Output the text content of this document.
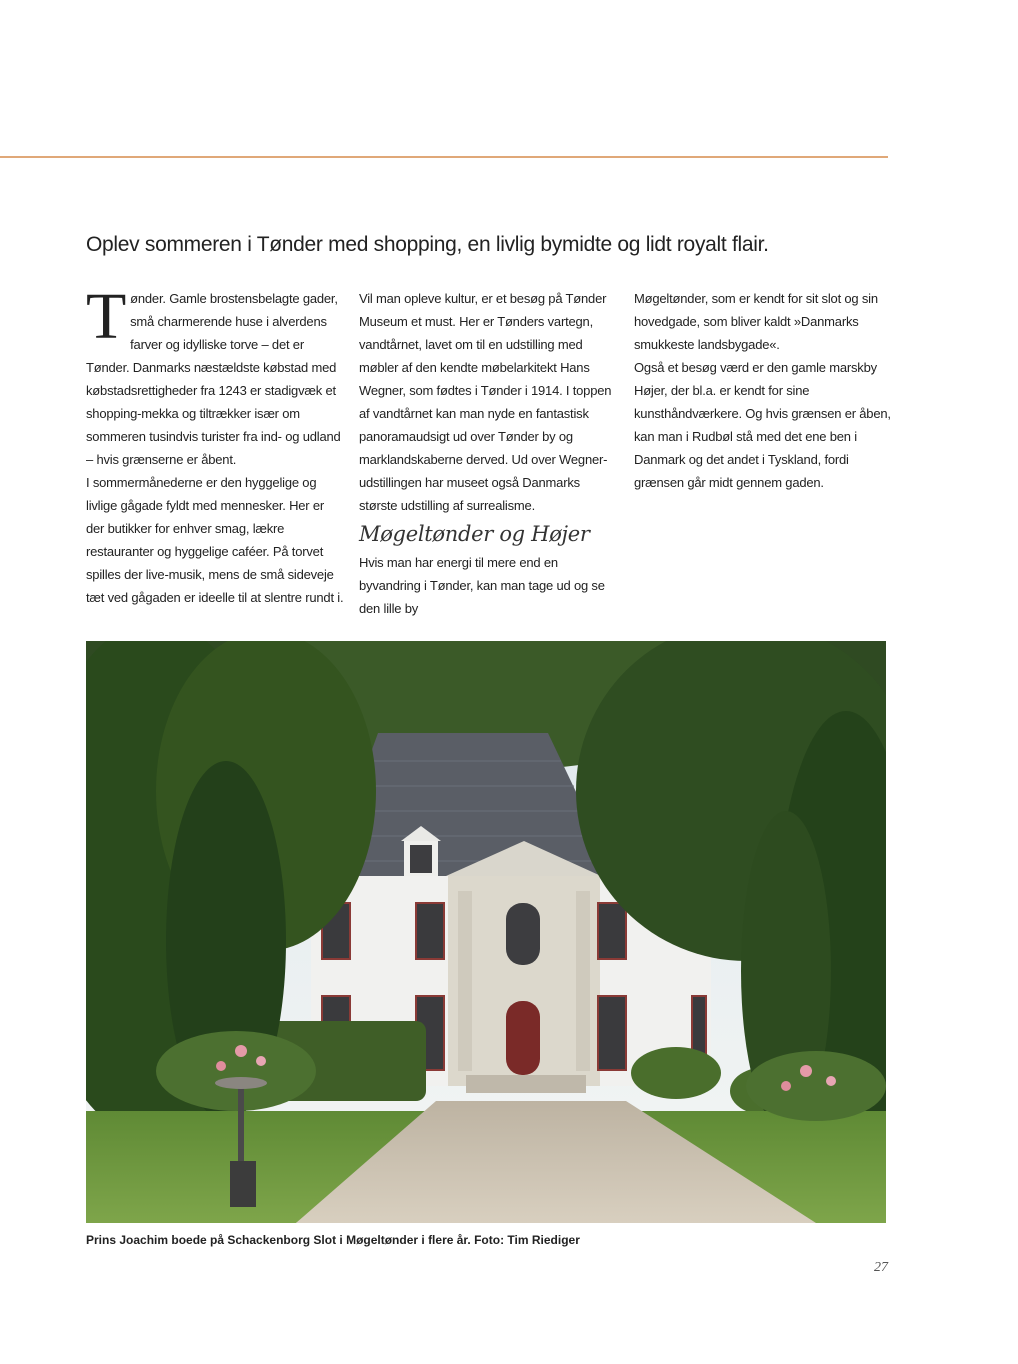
Oplev sommeren i Tønder med shopping, en livlig bymidte og lidt royalt flair.

Tønder. Gamle brostensbelagte gader, små charmerende huse i alverdens farver og idylliske torve – det er Tønder. Danmarks næstældste købstad med købstadsrettigheder fra 1243 er stadigvæk et shopping-mekka og tiltrækker især om sommeren tusindvis turister fra ind- og udland – hvis grænserne er åbent.

I sommermånederne er den hyggelige og livlige gågade fyldt med mennesker. Her er der butikker for enhver smag, lækre restauranter og hyggelige caféer. På torvet spilles der live-musik, mens de små sideveje tæt ved gågaden er ideelle til at slentre rundt i.

Vil man opleve kultur, er et besøg på Tønder Museum et must. Her er Tønders vartegn, vandtårnet, lavet om til en udstilling med møbler af den kendte møbelarkitekt Hans Wegner, som fødtes i Tønder i 1914. I toppen af vandtårnet kan man nyde en fantastisk panoramaudsigt ud over Tønder by og marklandskaberne derved. Ud over Wegner-udstillingen har museet også Danmarks største udstilling af surrealisme.

Møgeltønder og Højer

Hvis man har energi til mere end en byvandring i Tønder, kan man tage ud og se den lille by

Møgeltønder, som er kendt for sit slot og sin hovedgade, som bliver kaldt »Danmarks smukkeste landsbygade«.

Også et besøg værd er den gamle marskby Højer, der bl.a. er kendt for sine kunsthåndværkere. Og hvis grænsen er åben, kan man i Rudbøl stå med det ene ben i Danmark og det andet i Tyskland, fordi grænsen går midt gennem gaden.

Prins Joachim boede på Schackenborg Slot i Møgeltønder i flere år. Foto: Tim Riediger
27
